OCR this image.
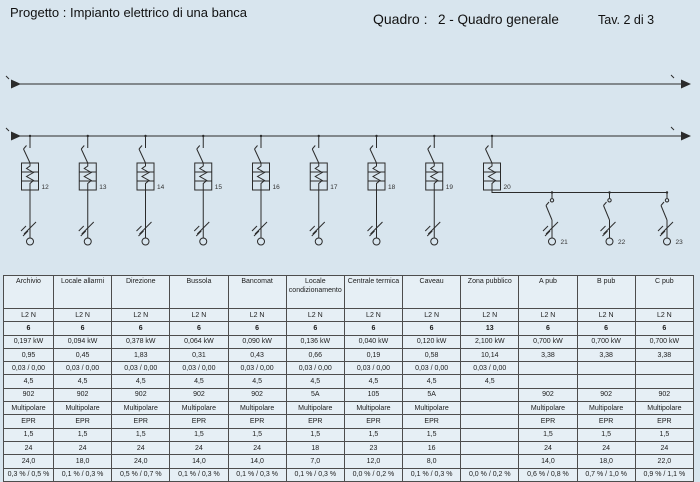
Progetto : Impianto elettrico di una banca	Quadro : 2 - Quadro generale	Tav. 2 di 3
12	13	14	15	16	17	18	19	20
21	22	23
Archivio	Locale allarmi	Direzione	Bussola	Bancomat	Locale condizionamento	Centrale termica	Caveau	Zona pubblico	A pub	B pub	C pub
L2 N	L2 N	L2 N	L2 N	L2 N	L2 N	L2 N	L2 N	L2 N	L2 N	L2 N	L2 N
6	6	6	6	6	6	6	6	13	6	6	6
0,197 kW	0,094 kW	0,378 kW	0,064 kW	0,090 kW	0,136 kW	0,040 kW	0,120 kW	2,100 kW	0,700 kW	0,700 kW	0,700 kW
0,95	0,45	1,83	0,31	0,43	0,66	0,19	0,58	10,14	3,38	3,38	3,38
0,03 / 0,00	0,03 / 0,00	0,03 / 0,00	0,03 / 0,00	0,03 / 0,00	0,03 / 0,00	0,03 / 0,00	0,03 / 0,00	0,03 / 0,00			
4,5	4,5	4,5	4,5	4,5	4,5	4,5	4,5	4,5			
902	902	902	902	902	5A	105	5A		902	902	902
Multipolare	Multipolare	Multipolare	Multipolare	Multipolare	Multipolare	Multipolare	Multipolare		Multipolare	Multipolare	Multipolare
EPR	EPR	EPR	EPR	EPR	EPR	EPR	EPR		EPR	EPR	EPR
1,5	1,5	1,5	1,5	1,5	1,5	1,5	1,5		1,5	1,5	1,5
24	24	24	24	24	18	23	16		24	24	24
24,0	18,0	24,0	14,0	14,0	7,0	12,0	8,0		14,0	18,0	22,0
0,3 % / 0,5 %	0,1 % / 0,3 %	0,5 % / 0,7 %	0,1 % / 0,3 %	0,1 % / 0,3 %	0,1 % / 0,3 %	0,0 % / 0,2 %	0,1 % / 0,3 %	0,0 % / 0,2 %	0,6 % / 0,8 %	0,7 % / 1,0 %	0,9 % / 1,1 %
